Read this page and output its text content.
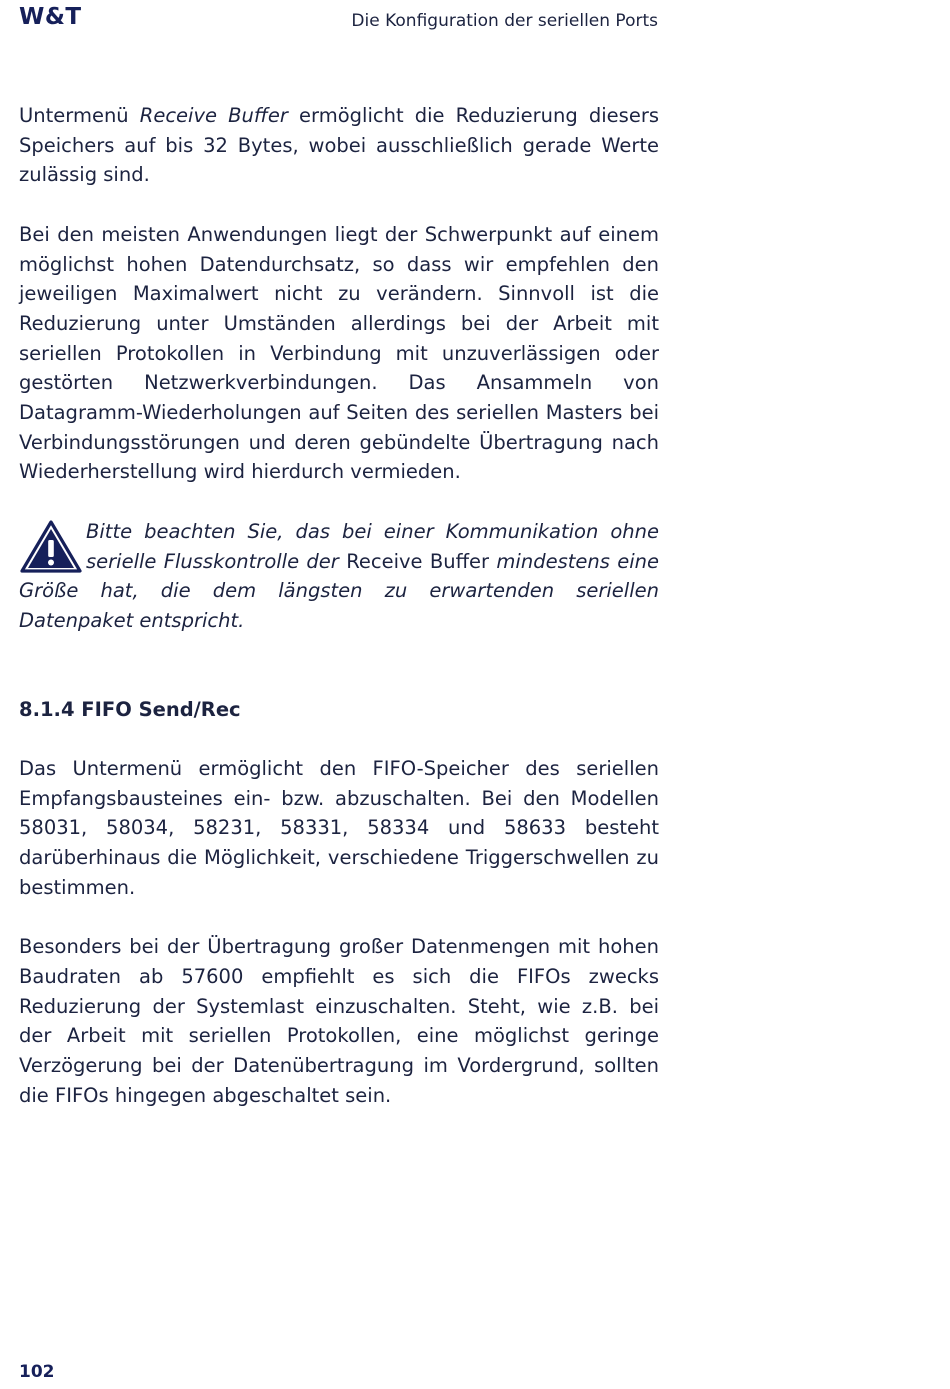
W&T	Die Konfiguration der seriellen Ports

Untermenü Receive Buffer ermöglicht die Reduzierung diesers Speichers auf bis 32 Bytes, wobei ausschließlich gerade Werte zulässig sind.

Bei den meisten Anwendungen liegt der Schwerpunkt auf einem möglichst hohen Datendurchsatz, so dass wir empfehlen den jeweiligen Maximalwert nicht zu verändern. Sinnvoll ist die Reduzierung unter Umständen allerdings bei der Arbeit mit seriellen Protokollen in Verbindung mit unzuverlässigen oder gestörten Netzwerkverbindungen. Das Ansammeln von Datagramm-Wiederholungen auf Seiten des seriellen Masters bei Verbindungsstörungen und deren gebündelte Übertragung nach Wiederherstellung wird hierdurch vermieden.

Bitte beachten Sie, das bei einer Kommunikation ohne serielle Flusskontrolle der Receive Buffer mindestens eine Größe hat, die dem längsten zu erwartenden seriellen Datenpaket entspricht.

8.1.4 FIFO Send/Rec

Das Untermenü ermöglicht den FIFO-Speicher des seriellen Empfangsbausteines ein- bzw. abzuschalten. Bei den Modellen 58031, 58034, 58231, 58331, 58334 und 58633 besteht darüberhinaus die Möglichkeit, verschiedene Triggerschwellen zu bestimmen.

Besonders bei der Übertragung großer Datenmengen mit hohen Baudraten ab 57600 empfiehlt es sich die FIFOs zwecks Reduzierung der Systemlast einzuschalten. Steht, wie z.B. bei der Arbeit mit seriellen Protokollen, eine möglichst geringe Verzögerung bei der Datenübertragung im Vordergrund, sollten die FIFOs hingegen abgeschaltet sein.

102
